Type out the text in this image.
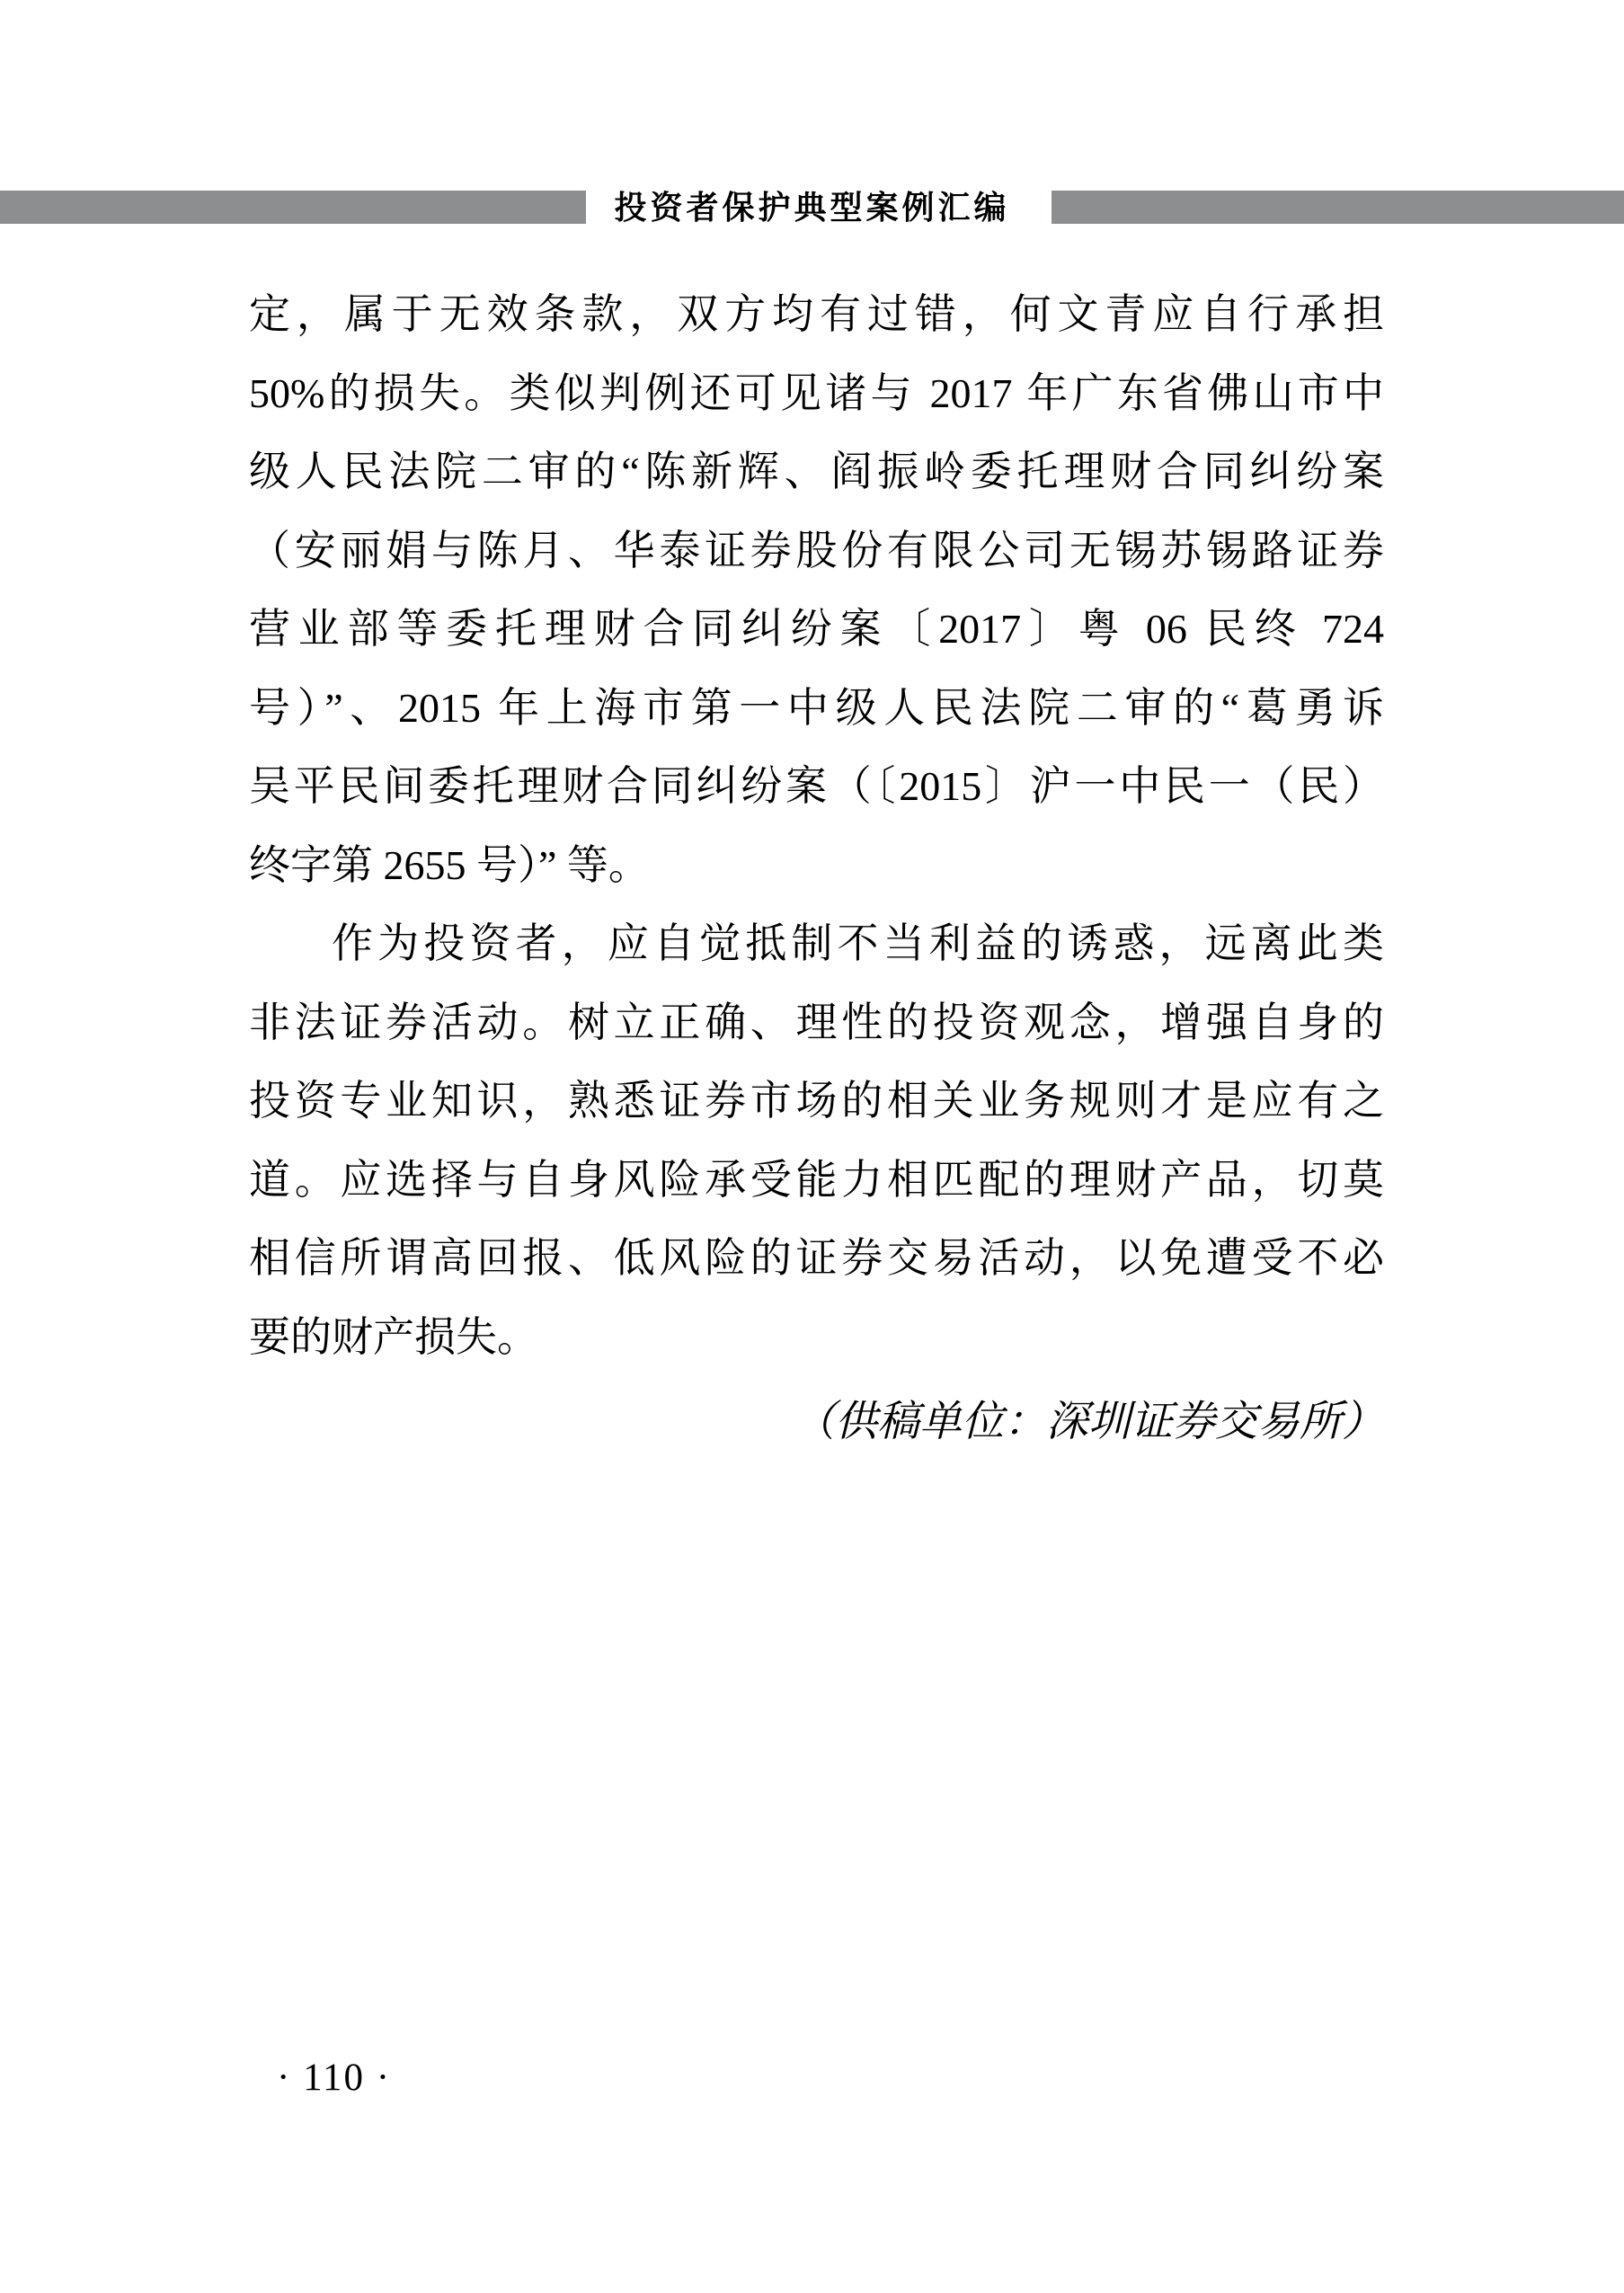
投资者保护典型案例汇编
定，属于无效条款，双方均有过错，何文青应自行承担
50%的损失。类似判例还可见诸与 2017 年广东省佛山市中
级人民法院二审的“陈新辉、阎振岭委托理财合同纠纷案
（安丽娟与陈月、华泰证券股份有限公司无锡苏锡路证券
营业部等委托理财合同纠纷案〔2017〕粤 06 民终 724
号）”、2015 年上海市第一中级人民法院二审的“葛勇诉
吴平民间委托理财合同纠纷案（〔2015〕沪一中民一（民）
终字第 2655 号）” 等。
作为投资者，应自觉抵制不当利益的诱惑，远离此类
非法证券活动。树立正确、理性的投资观念，增强自身的
投资专业知识，熟悉证券市场的相关业务规则才是应有之
道。应选择与自身风险承受能力相匹配的理财产品，切莫
相信所谓高回报、低风险的证券交易活动，以免遭受不必
要的财产损失。
（供稿单位：深圳证券交易所）
· 110 ·
